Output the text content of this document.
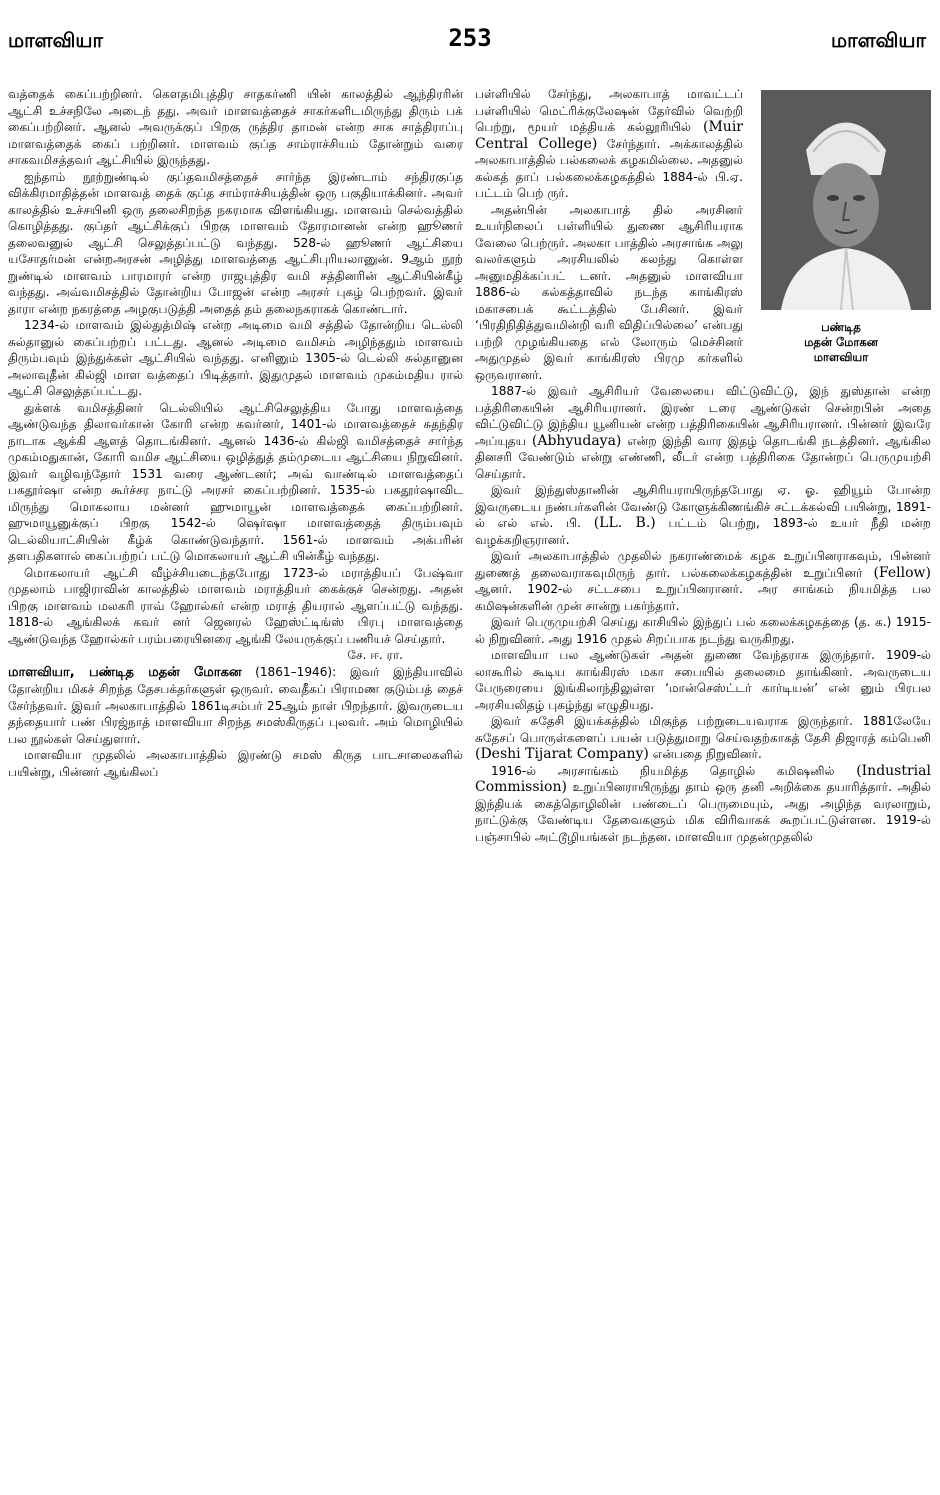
மாளவியா	253	மாளவியா

வத்தைக் கைப்பற்றினர். கௌதமிபுத்திர சாதகர்ணி யின் காலத்தில் ஆந்திரரின் ஆட்சி உச்சநிலே அடைந் தது. அவர் மாளவத்தைச் சாகர்களிடமிருந்து திரும் பக் கைப்பற்றினர். ஆனல் அவருக்குப் பிறகு ருத்திர தாமன் என்ற சாக சாத்திராப்பு மாளவத்தைக் கைப் பற்றினர். மாளவம் குப்த சாம்ராச்சியம் தோன்றும் வரை சாகவமிசத்தவர் ஆட்சியில் இருந்தது.

ஐந்தாம் நூற்றுண்டில் குப்தவமிசத்தைச் சார்ந்த இரண்டாம் சந்திரகுப்த விக்கிரமாதித்தன் மாளவத் தைக் குப்த சாம்ராச்சியத்தின் ஒரு பகுதியாக்கினர். அவர் காலத்தில் உச்சயினி ஒரு தலைசிறந்த நகரமாக விளங்கியது. மாளவம் செல்வத்தில் கொழித்தது. குப்தர் ஆட்சிக்குப் பிறகு மாளவம் தோரமானன் என்ற ஹூணர் தலைவனுல் ஆட்சி செலுத்தப்பட்டு வந்தது. 528-ல் ஹூணர் ஆட்சியை யசோதர்மன் என்றஅரசன் அழித்து மாளவத்தை ஆட்சிபுரியலானுன். 9ஆம் நூற் றுண்டில் மாளவம் பாரமாரர் என்ற ராஜபுத்திர வமி சத்தினரின் ஆட்சியின்கீழ் வந்தது. அவ்வமிசத்தில் தோன்றிய போஜன் என்ற அரசர் புகழ் பெற்றவர். இவர் தாரா என்ற நகரத்தை அழகுபடுத்தி அதைத் தம் தலைநகராகக் கொண்டார்.

1234-ல் மாளவம் இல்துத்மிஷ் என்ற அடிமை வமி சத்தில் தோன்றிய டெல்லி சுல்தானுல் கைப்பற்றப் பட்டது. ஆனல் அடிமை வமிசம் அழிந்ததும் மாளவம் திரும்பவும் இந்துக்கள் ஆட்சியில் வந்தது. எனினும் 1305-ல் டெல்லி சுல்தானுன அலாவுதீன் கில்ஜி மாள வத்தைப் பிடித்தார். இதுமுதல் மாளவம் முகம்மதிய ரால் ஆட்சி செலுத்தப்பட்டது.

துக்ளக் வமிசத்தினர் டெல்லியில் ஆட்சிசெலுத்திய போது மாளவத்தை ஆண்டுவந்த திலாவர்கான் கோரி என்ற கவர்னர், 1401-ல் மாளவத்தைச் சுதந்திர நாடாக ஆக்கி ஆளத் தொடங்கினர். ஆனல் 1436-ல் கில்ஜி வமிசத்தைச் சார்ந்த முகம்மதுகான், கோரி வமிச ஆட்சியை ஒழித்துத் தம்முடைய ஆட்சியை நிறுவினர். இவர் வழிவந்தோர் 1531 வரை ஆண்டனர்; அவ் வாண்டில் மாளவத்தைப் பகதூர்ஷா என்ற கூர்ச்சர நாட்டு அரசர் கைப்பற்றினர். 1535-ல் பகதூர்ஷாவிட மிருந்து மொகலாய மன்னர் ஹுமாயூன் மாளவத்தைக் கைப்பற்றினர். ஹுமாயூனுக்குப் பிறகு 1542-ல் ஷெர்ஷா மாளவத்தைத் திரும்பவும் டெல்லியாட்சியின் கீழ்க் கொண்டுவந்தார். 1561-ல் மாளவம் அக்பரின் தளபதிகளால் கைப்பற்றப் பட்டு மொகலாயர் ஆட்சி யின்கீழ் வந்தது.

மொகலாயர் ஆட்சி வீழ்ச்சியடைந்தபோது 1723-ல் மராத்தியப் பேஷ்வா முதலாம் பாஜிராவின் காலத்தில் மாளவம் மராத்தியர் கைக்குச் சென்றது. அதன் பிறகு மாளவம் மலகரி ராவ் ஹோல்கர் என்ற மராத் தியரால் ஆளப்பட்டு வந்தது. 1818-ல் ஆங்கிலக் கவர் னர் ஜெனரல் ஹேஸ்ட்டிங்ஸ் பிரபு மாளவத்தை ஆண்டுவந்த ஹோல்கர் பரம்பரையினரை ஆங்கி லேயருக்குப் பணியச் செய்தார்.

சே. ஈ. ரா.

மாளவியா, பண்டித மதன் மோகன (1861–1946): இவர் இந்தியாவில் தோன்றிய மிகச் சிறந்த தேசபக்தர்களுள் ஒருவர். வைதீகப் பிராமண குடும்பத் தைச் சேர்ந்தவர். இவர் அலகாபாத்தில் 1861டிசம்பர் 25ஆம் நாள் பிறந்தார். இவருடைய தந்தையார் பண் பிரஜ்நாத் மாளவியா சிறந்த சமஸ்கிருதப் புலவர். அம் மொழியில் பல நூல்கள் செய்துளார்.

மாளவியா முதலில் அலகாபாத்தில் இரண்டு சமஸ் கிருத பாடசாலைகளில் பயின்று, பின்னர் ஆங்கிலப்

பண்டித
மதன் மோகன
மாளவியா

பள்ளியில் சேர்ந்து, அலகாபாத் மாவட்டப் பள்ளியில் மெட்ரிக்குலேஷன் தேர்வில் வெற்றி பெற்று, மூயர் மத்தியக் கல்லூரியில் (Muir Central College) சேர்ந்தார். அக்காலத்தில் அலகாபாத்தில் பல்கலைக் கழகமில்லை. அதனுல் கல்கத் தாப் பல்கலைக்கழகத்தில் 1884-ல் பி.ஏ. பட்டம் பெற் ருர்.

அதன்பின் அலகாபாத் தில் அரசினர் உயர்நிலைப் பள்ளியில் துணை ஆசிரியராக வேலை பெற்ருர். அலகா பாத்தில் அரசாங்க அலு வலர்களும் அரசியலில் கலந்து கொள்ள அனுமதிக்கப்பட் டனர். அதனுல் மாளவியா 1886-ல் கல்கத்தாவில் நடந்த காங்கிரஸ் மகாசபைக் கூட்டத்தில் பேசினர். இவர் ‘பிரதிநிதித்துவமின்றி வரி விதிப்பில்லை’ என்பது பற்றி முழங்கியதை எல் லோரும் மெச்சினர் அதுமுதல் இவர் காங்கிரஸ் பிரமு கர்களில் ஒருவரானர்.

1887-ல் இவர் ஆசிரியர் வேலையை விட்டுவிட்டு, இந் துஸ்தான் என்ற பத்திரிகையின் ஆசிரியரானர். இரண் டரை ஆண்டுகள் சென்றபின் அதை விட்டுவிட்டு இந்திய யூனியன் என்ற பத்திரிகையின் ஆசிரியரானர். பின்னர் இவரே அப்யுதய (Abhyudaya) என்ற இந்தி வார இதழ் தொடங்கி நடத்தினர். ஆங்கில தினசரி வேண்டும் என்று எண்ணி, லீடர் என்ற பத்திரிகை தோன்றப் பெருமுயற்சி செய்தார்.

இவர் இந்துஸ்தானின் ஆசிரியராயிருந்தபோது ஏ. ஓ. ஹியூம் போன்ற இவருடைய நண்பர்களின் வேண்டு கோளுக்கிணங்கிச் சட்டக்கல்வி பயின்று, 1891-ல் எல் எல். பி. (LL. B.) பட்டம் பெற்று, 1893-ல் உயர் நீதி மன்ற வழக்கறிஞரானர்.

இவர் அலகாபாத்தில் முதலில் நகராண்மைக் கழக உறுப்பினராகவும், பின்னர் துணைத் தலைவராகவுமிருந் தார். பல்கலைக்கழகத்தின் உறுப்பினர் (Fellow) ஆனர். 1902-ல் சட்டசபை உறுப்பினரானர். அர சாங்கம் நியமித்த பல கமிஷன்களின் முன் சான்று பகர்ந்தார்.

இவர் பெருமுயற்சி செய்து காசியில் இந்துப் பல் கலைக்கழகத்தை (த. க.) 1915-ல் நிறுவினர். அது 1916 முதல் சிறப்பாக நடந்து வருகிறது.

மாளவியா பல ஆண்டுகள் அதன் துணை வேந்தராக இருந்தார். 1909-ல் லாகூரில் கூடிய காங்கிரஸ் மகா சபையில் தலைமை தாங்கினர். அவருடைய பேருரையை இங்கிலாந்திலுள்ள ‘மான்செஸ்ட்டர் கார்டியன்’ என் னும் பிரபல அரசியலிதழ் புகழ்ந்து எழுதியது.

இவர் சுதேசி இயக்கத்தில் மிகுந்த பற்றுடையவராக இருந்தார். 1881லேயே சுதேசப் பொருள்களைப் பயன் படுத்துமாறு செய்வதற்காகத் தேசி திஜாரத் கம்பெனி (Deshi Tijarat Company) என்பதை நிறுவினர்.

1916-ல் அரசாங்கம் நியமித்த தொழில் கமிஷனில் (Industrial Commission) உறுப்பினராயிருந்து தாம் ஒரு தனி அறிக்கை தயாரித்தார். அதில் இந்தியக் கைத்தொழிலின் பண்டைப் பெருமையும், அது அழிந்த வரலாறும், நாட்டுக்கு வேண்டிய தேவைகளும் மிக விரிவாகக் கூறப்பட்டுள்ளன. 1919-ல் பஞ்சாபில் அட்டூழியங்கள் நடந்தன. மாளவியா முதன்முதலில்
